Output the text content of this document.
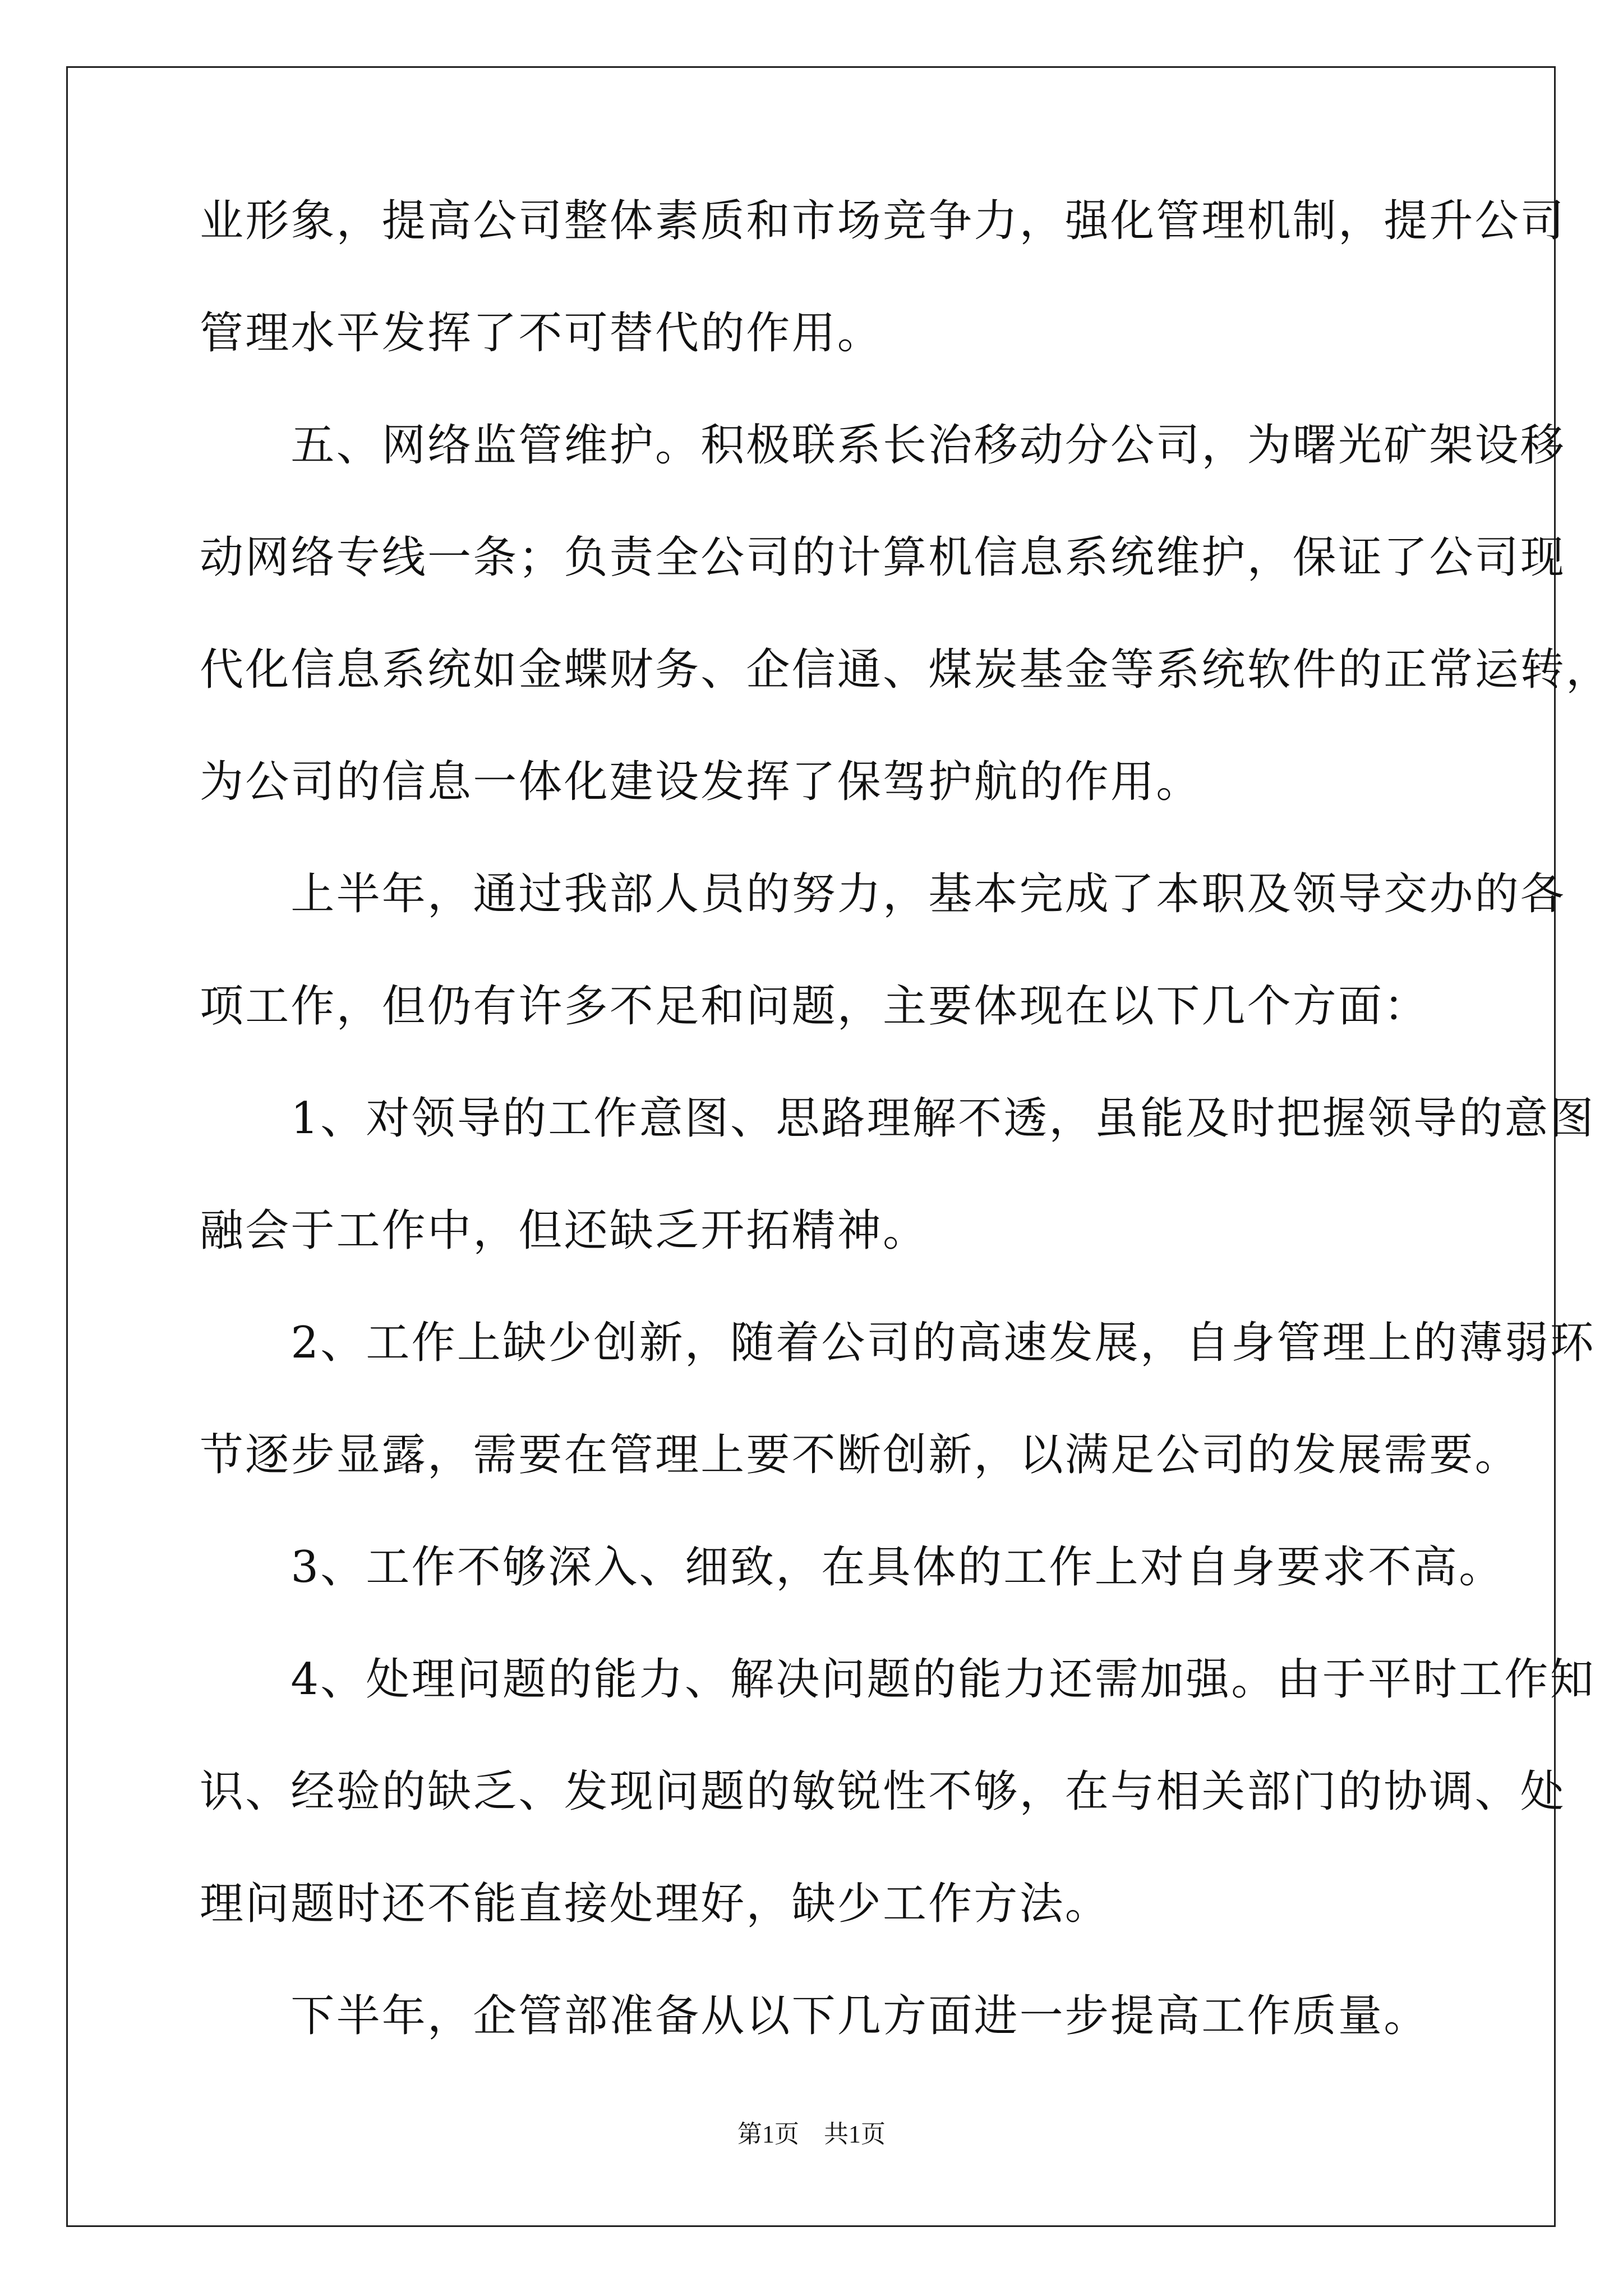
业形象，提高公司整体素质和市场竞争力，强化管理机制，提升公司
管理水平发挥了不可替代的作用。
　　五、网络监管维护。积极联系长治移动分公司，为曙光矿架设移
动网络专线一条；负责全公司的计算机信息系统维护，保证了公司现
代化信息系统如金蝶财务、企信通、煤炭基金等系统软件的正常运转，
为公司的信息一体化建设发挥了保驾护航的作用。
　　上半年，通过我部人员的努力，基本完成了本职及领导交办的各
项工作，但仍有许多不足和问题，主要体现在以下几个方面：
　　1、对领导的工作意图、思路理解不透，虽能及时把握领导的意图
融会于工作中，但还缺乏开拓精神。
　　2、工作上缺少创新，随着公司的高速发展，自身管理上的薄弱环
节逐步显露，需要在管理上要不断创新，以满足公司的发展需要。
　　3、工作不够深入、细致，在具体的工作上对自身要求不高。
　　4、处理问题的能力、解决问题的能力还需加强。由于平时工作知
识、经验的缺乏、发现问题的敏锐性不够，在与相关部门的协调、处
理问题时还不能直接处理好，缺少工作方法。
　　下半年，企管部准备从以下几方面进一步提高工作质量。
第1页　共1页
